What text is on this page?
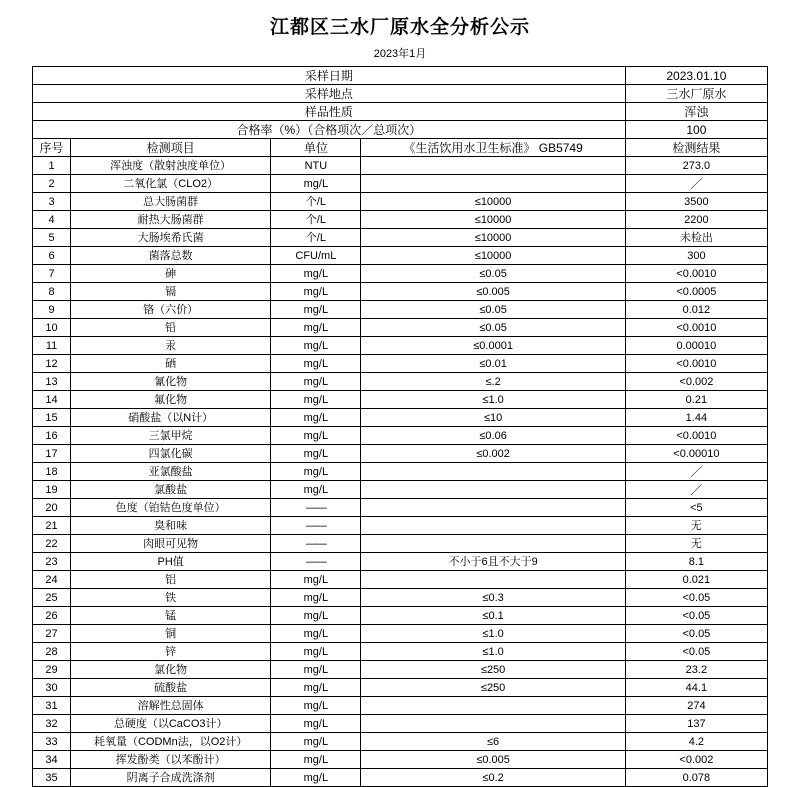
江都区三水厂原水全分析公示
2023年1月
采样日期				2023.01.10
采样地点				三水厂原水
样品性质				浑浊
合格率（%）（合格项次／总项次）				100
序号	检测项目	单位	《生活饮用水卫生标准》 GB5749	检测结果
1	浑浊度（散射浊度单位）	NTU		273.0
2	二氧化氯（CLO2）	mg/L		／
3	总大肠菌群	个/L	≤10000	3500
4	耐热大肠菌群	个/L	≤10000	2200
5	大肠埃希氏菌	个/L	≤10000	未检出
6	菌落总数	CFU/mL	≤10000	300
7	砷	mg/L	≤0.05	<0.0010
8	镉	mg/L	≤0.005	<0.0005
9	铬（六价）	mg/L	≤0.05	0.012
10	铅	mg/L	≤0.05	<0.0010
11	汞	mg/L	≤0.0001	0.00010
12	硒	mg/L	≤0.01	<0.0010
13	氰化物	mg/L	≤.2	<0.002
14	氟化物	mg/L	≤1.0	0.21
15	硝酸盐（以N计）	mg/L	≤10	1.44
16	三氯甲烷	mg/L	≤0.06	<0.0010
17	四氯化碳	mg/L	≤0.002	<0.00010
18	亚氯酸盐	mg/L		／
19	氯酸盐	mg/L		／
20	色度（铂钴色度单位）	——		<5
21	臭和味	——		无
22	肉眼可见物	——		无
23	PH值	——	不小于6且不大于9	8.1
24	铝	mg/L		0.021
25	铁	mg/L	≤0.3	<0.05
26	锰	mg/L	≤0.1	<0.05
27	铜	mg/L	≤1.0	<0.05
28	锌	mg/L	≤1.0	<0.05
29	氯化物	mg/L	≤250	23.2
30	硫酸盐	mg/L	≤250	44.1
31	溶解性总固体	mg/L		274
32	总硬度（以CaCO3计）	mg/L		137
33	耗氧量（CODMn法，以O2计）	mg/L	≤6	4.2
34	挥发酚类（以苯酚计）	mg/L	≤0.005	<0.002
35	阴离子合成洗涤剂	mg/L	≤0.2	0.078
